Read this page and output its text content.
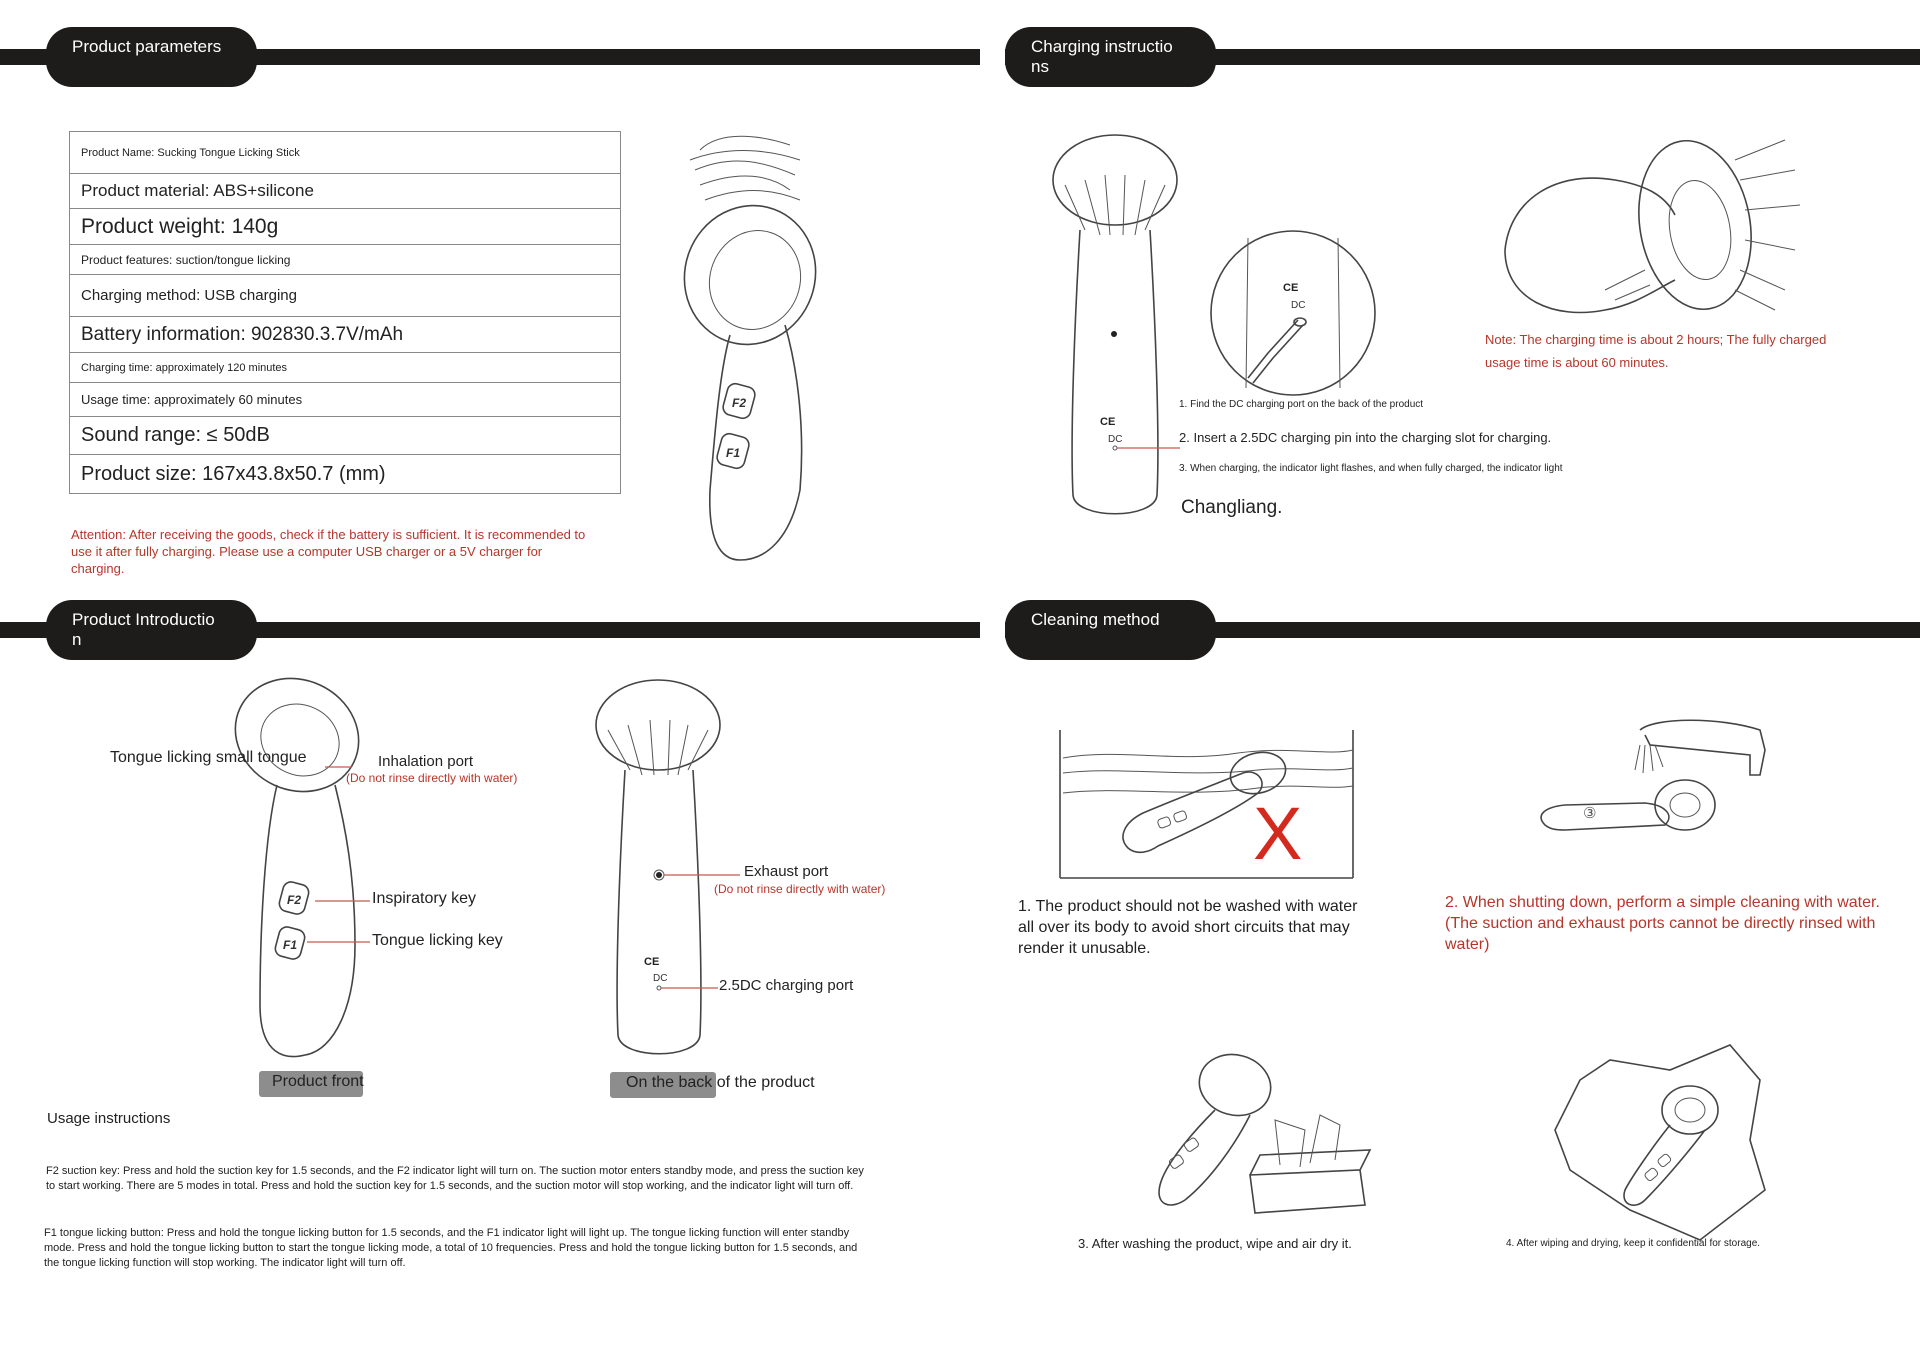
Product parameters	Charging instructio
ns
Product Introductio
n
Cleaning method
Product Name: Sucking Tongue Licking Stick
Product material: ABS+silicone
Product weight: 140g
Product features: suction/tongue licking
Charging method: USB charging
Battery information: 902830.3.7V/mAh
Charging time: approximately 120 minutes
Usage time: approximately 60 minutes
Sound range: ≤ 50dB
Product size: 167x43.8x50.7 (mm)
Attention: After receiving the goods, check if the battery is sufficient. It is recommended to use it after fully charging. Please use a computer USB charger or a 5V charger for charging.
F2
F1
CE
DC
CE
DC
1. Find the DC charging port on the back of the product
2. Insert a 2.5DC charging pin into the charging slot for charging.
3. When charging, the indicator light flashes, and when fully charged, the indicator light
Changliang.
Note: The charging time is about 2 hours; The fully charged usage time is about 60 minutes.
F2
F1
Tongue licking small tongue	Inhalation port
(Do not rinse directly with water)
Inspiratory key
Tongue licking key
CE
DC
Exhaust port
(Do not rinse directly with water)
2.5DC charging port
Product front	On the back of the product
Usage instructions
F2 suction key: Press and hold the suction key for 1.5 seconds, and the F2 indicator light will turn on. The suction motor enters standby mode, and press the suction key to start working. There are 5 modes in total. Press and hold the suction key for 1.5 seconds, and the suction motor will stop working, and the indicator light will turn off.
F1 tongue licking button: Press and hold the tongue licking button for 1.5 seconds, and the F1 indicator light will light up. The tongue licking function will enter standby mode. Press and hold the tongue licking button to start the tongue licking mode, a total of 10 frequencies. Press and hold the tongue licking button for 1.5 seconds, and the tongue licking function will stop working. The indicator light will turn off.
X
1. The product should not be washed with water all over its body to avoid short circuits that may render it unusable.
③
2. When shutting down, perform a simple cleaning with water. (The suction and exhaust ports cannot be directly rinsed with water)
3. After washing the product, wipe and air dry it.	4. After wiping and drying, keep it confidential for storage.
